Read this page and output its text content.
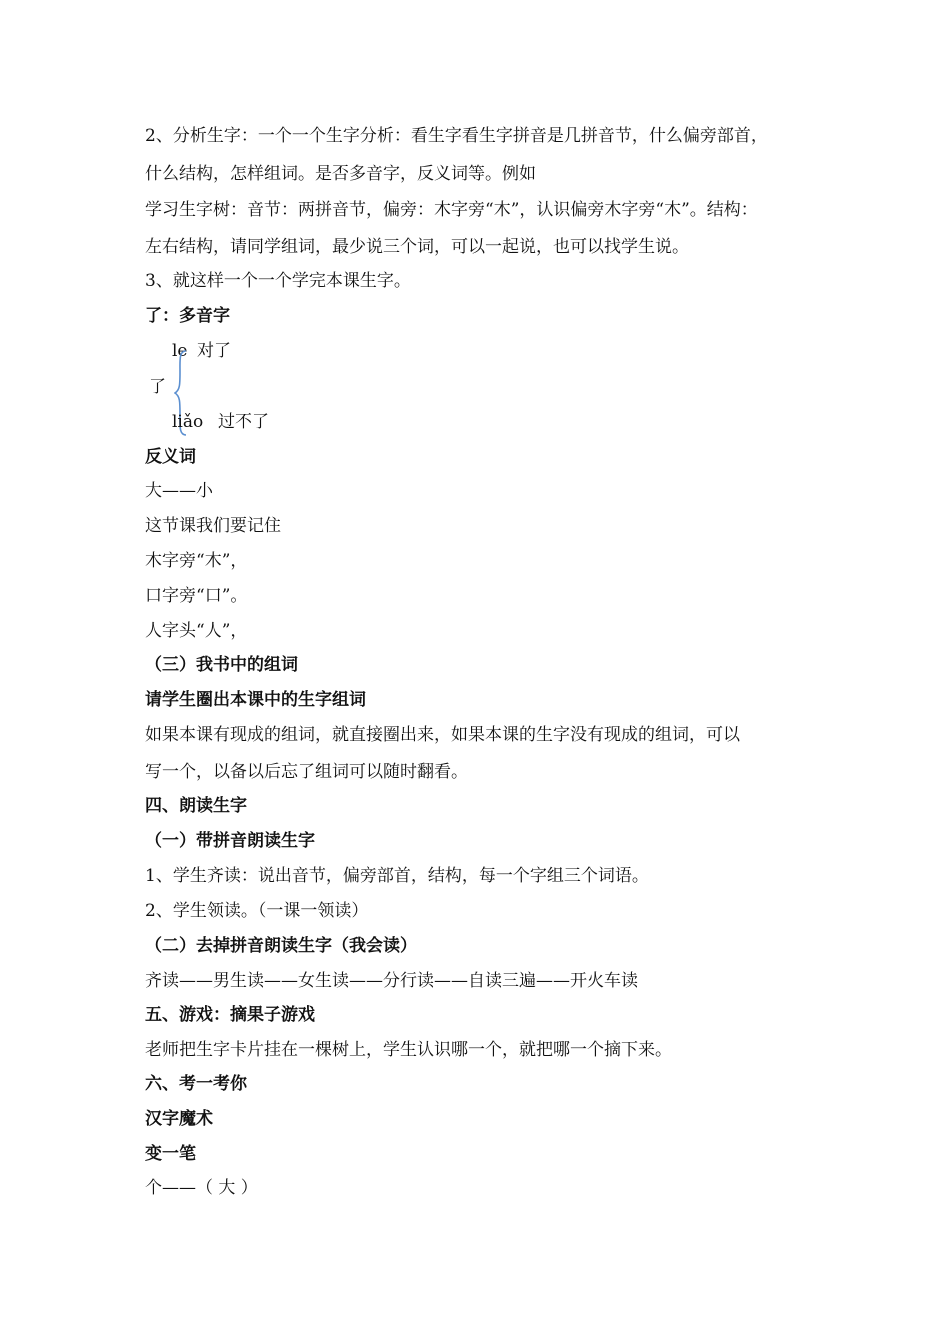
2、分析生字：一个一个生字分析：看生字看生字拼音是几拼音节，什么偏旁部首，
什么结构，怎样组词。是否多音字，反义词等。例如
学习生字树：音节：两拼音节，偏旁：木字旁“木”，认识偏旁木字旁“木”。结构：
左右结构，请同学组词，最少说三个词，可以一起说，也可以找学生说。
3、就这样一个一个学完本课生字。
了：多音字
le 对了
了
liǎo 过不了
反义词
大——小
这节课我们要记住
木字旁“木”，
口字旁“口”。
人字头“人”，
（三）我书中的组词
请学生圈出本课中的生字组词
如果本课有现成的组词，就直接圈出来，如果本课的生字没有现成的组词，可以
写一个，以备以后忘了组词可以随时翻看。
四、朗读生字
（一）带拼音朗读生字
1、学生齐读：说出音节，偏旁部首，结构，每一个字组三个词语。
2、学生领读。（一课一领读）
（二）去掉拼音朗读生字（我会读）
齐读——男生读——女生读——分行读——自读三遍——开火车读
五、游戏：摘果子游戏
老师把生字卡片挂在一棵树上，学生认识哪一个，就把哪一个摘下来。
六、考一考你
汉字魔术
变一笔
个——（ 大 ）
